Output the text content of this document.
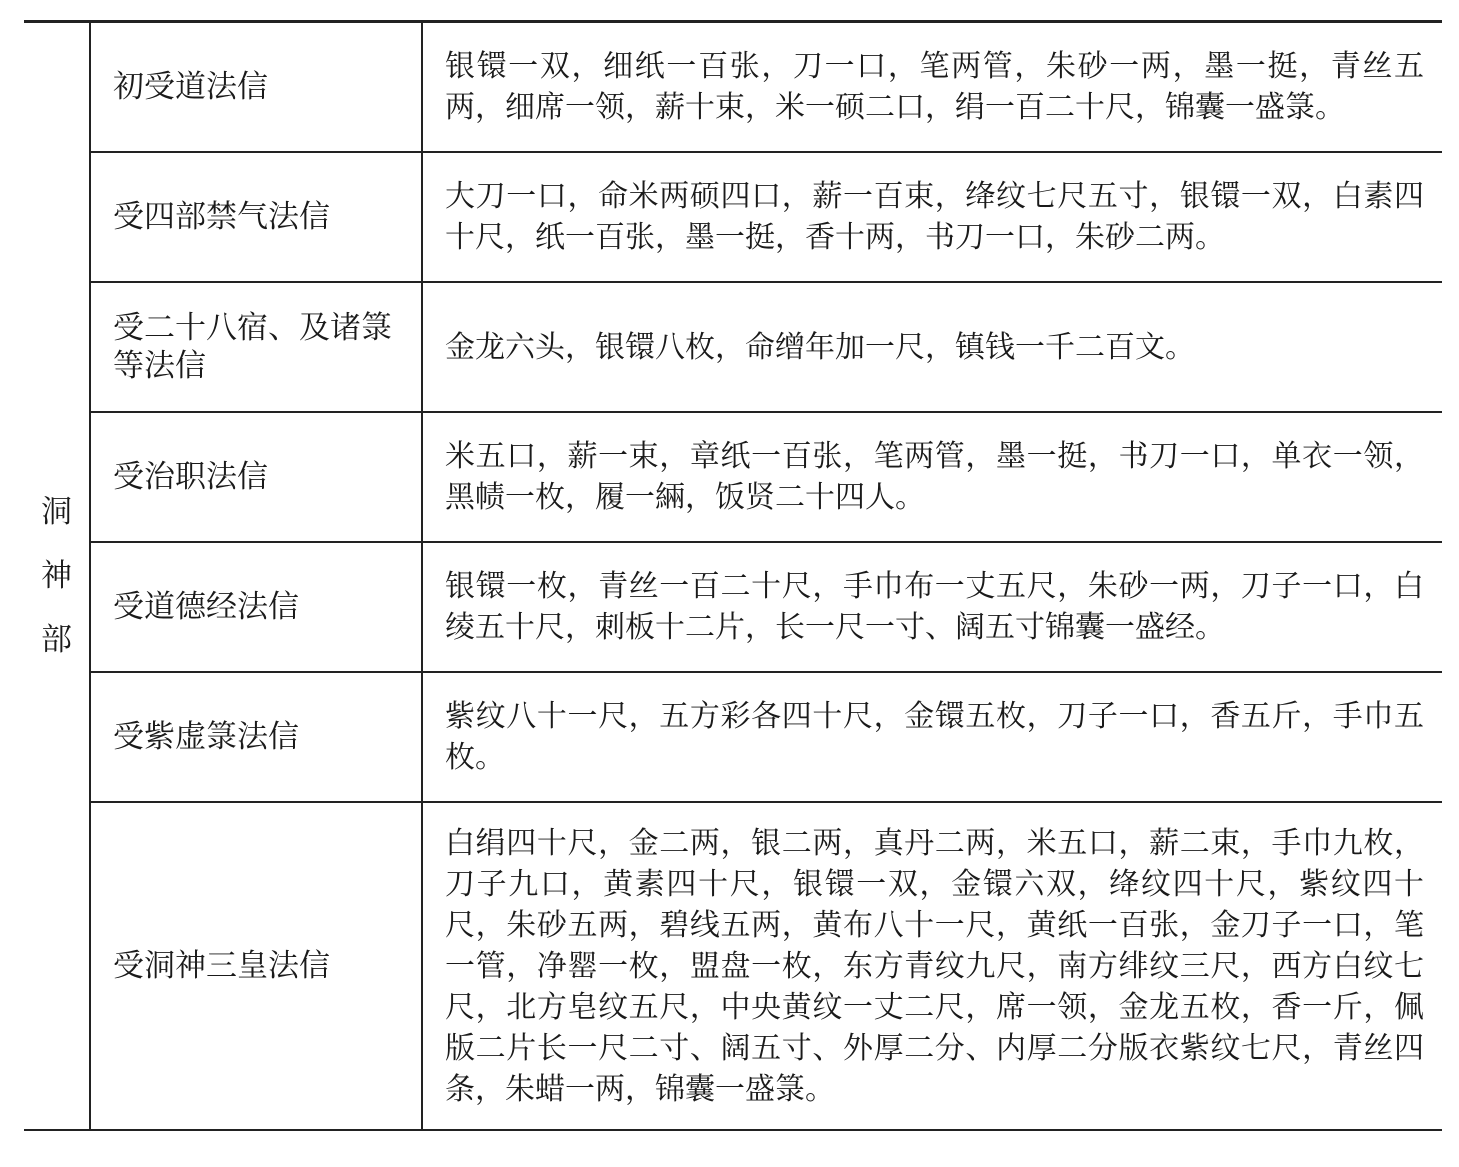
洞
神
部	初受道法信	银镮一双，细纸一百张，刀一口，笔两管，朱砂一两，墨一挺，青丝五两，细席一领，薪十束，米一硕二口，绢一百二十尺，锦囊一盛箓。
	受四部禁气法信	大刀一口，命米两硕四口，薪一百束，绛纹七尺五寸，银镮一双，白素四十尺，纸一百张，墨一挺，香十两，书刀一口，朱砂二两。
	受二十八宿、及诸箓等法信	金龙六头，银镮八枚，命缯年加一尺，镇钱一千二百文。
	受治职法信	米五口，薪一束，章纸一百张，笔两管，墨一挺，书刀一口，单衣一领，黑帻一枚，履一緉，饭贤二十四人。
	受道德经法信	银镮一枚，青丝一百二十尺，手巾布一丈五尺，朱砂一两，刀子一口，白绫五十尺，刺板十二片，长一尺一寸、阔五寸锦囊一盛经。
	受紫虚箓法信	紫纹八十一尺，五方彩各四十尺，金镮五枚，刀子一口，香五斤，手巾五枚。
	受洞神三皇法信	白绢四十尺，金二两，银二两，真丹二两，米五口，薪二束，手巾九枚，刀子九口，黄素四十尺，银镮一双，金镮六双，绛纹四十尺，紫纹四十尺，朱砂五两，碧线五两，黄布八十一尺，黄纸一百张，金刀子一口，笔一管，净罂一枚，盟盘一枚，东方青纹九尺，南方绯纹三尺，西方白纹七尺，北方皂纹五尺，中央黄纹一丈二尺，席一领，金龙五枚，香一斤，佩版二片长一尺二寸、阔五寸、外厚二分、内厚二分版衣紫纹七尺，青丝四条，朱蜡一两，锦囊一盛箓。
